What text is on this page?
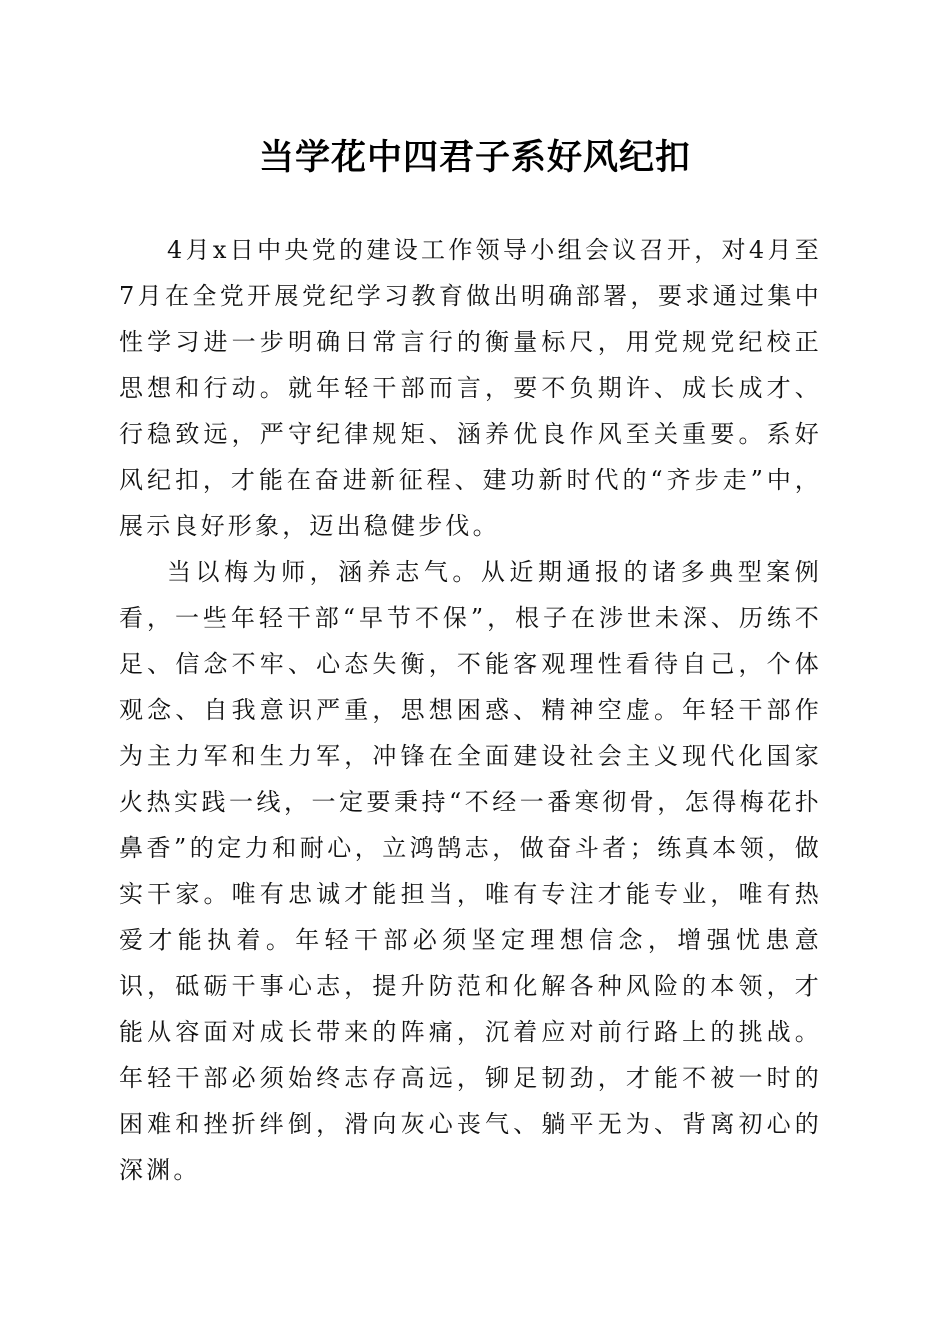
当学花中四君子系好风纪扣

4月x日中央党的建设工作领导小组会议召开，对4月至7月在全党开展党纪学习教育做出明确部署，要求通过集中性学习进一步明确日常言行的衡量标尺，用党规党纪校正思想和行动。就年轻干部而言，要不负期许、成长成才、行稳致远，严守纪律规矩、涵养优良作风至关重要。系好风纪扣，才能在奋进新征程、建功新时代的“齐步走”中，展示良好形象，迈出稳健步伐。

当以梅为师，涵养志气。从近期通报的诸多典型案例看，一些年轻干部“早节不保”，根子在涉世未深、历练不足、信念不牢、心态失衡，不能客观理性看待自己，个体观念、自我意识严重，思想困惑、精神空虚。年轻干部作为主力军和生力军，冲锋在全面建设社会主义现代化国家火热实践一线，一定要秉持“不经一番寒彻骨，怎得梅花扑鼻香”的定力和耐心，立鸿鹄志，做奋斗者；练真本领，做实干家。唯有忠诚才能担当，唯有专注才能专业，唯有热爱才能执着。年轻干部必须坚定理想信念，增强忧患意识，砥砺干事心志，提升防范和化解各种风险的本领，才能从容面对成长带来的阵痛，沉着应对前行路上的挑战。年轻干部必须始终志存高远，铆足韧劲，才能不被一时的困难和挫折绊倒，滑向灰心丧气、躺平无为、背离初心的深渊。
